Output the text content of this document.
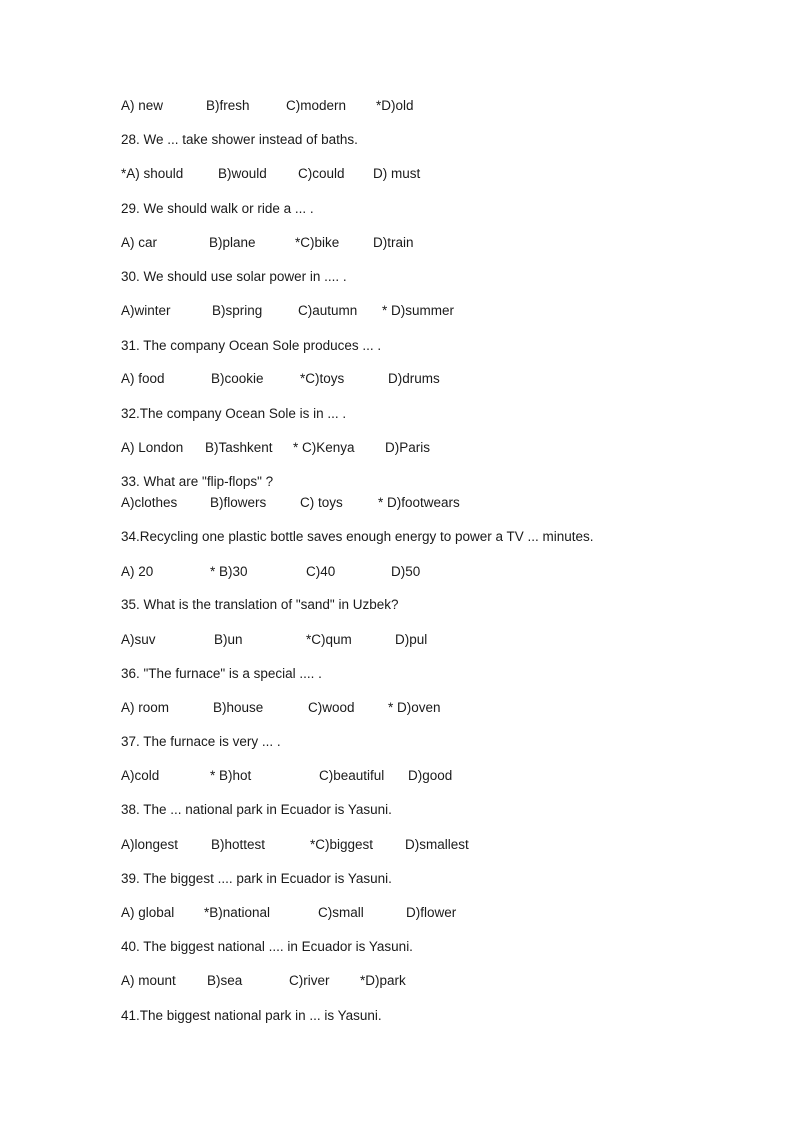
A) new	B)fresh	C)modern *D)old
28. We ... take shower instead of baths.
*A) should	B)would C)could D) must
29. We should walk or ride a ... .
A) car	B)plane	*C)bike D)train
30. We should use solar power in .... .
A)winter	B)spring	C)autumn * D)summer
31. The company Ocean Sole produces ... .
A) food	B)cookie	*C)toys	D)drums
32.The company Ocean Sole is in ... .
A) London B)Tashkent * C)Kenya D)Paris
33. What are "flip-flops" ?
A)clothes B)flowers C) toys	* D)footwears
34.Recycling one plastic bottle saves enough energy to power a TV ... minutes.
A) 20	* B)30	C)40	D)50
35. What is the translation of "sand" in Uzbek?
A)suv	B)un	*C)qum	D)pul
36. "The furnace" is a special .... .
A) room	B)house	C)wood * D)oven
37. The furnace is very ... .
A)cold	* B)hot	C)beautiful D)good
38. The ... national park in Ecuador is Yasuni.
A)longest B)hottest	*C)biggest D)smallest
39. The biggest .... park in Ecuador is Yasuni.
A) global *B)national	C)small	D)flower
40. The biggest national .... in Ecuador is Yasuni.
A) mount B)sea	C)river *D)park
41.The biggest national park in ... is Yasuni.
